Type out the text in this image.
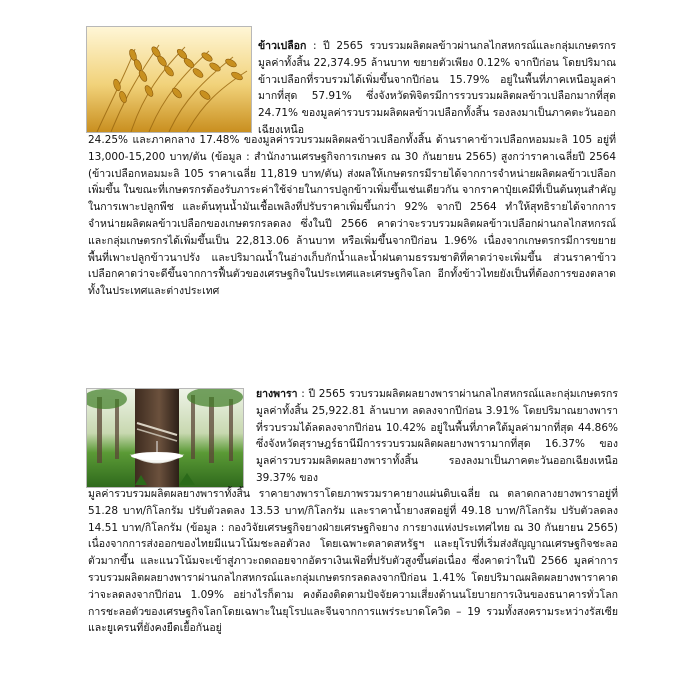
ข้าวเปลือก : ปี 2565 รวบรวมผลิตผลข้าวผ่านกลไกสหกรณ์และกลุ่มเกษตรกร มูลค่าทั้งสิ้น 22,374.95 ล้านบาท ขยายตัวเพียง 0.12% จากปีก่อน โดยปริมาณข้าวเปลือกที่รวบรวมได้เพิ่มขึ้นจากปีก่อน 15.79% อยู่ในพื้นที่ภาคเหนือมูลค่ามากที่สุด 57.91% ซึ่งจังหวัดพิจิตรมีการรวบรวมผลิตผลข้าวเปลือกมากที่สุด 24.71% ของมูลค่ารวบรวมผลิตผลข้าวเปลือกทั้งสิ้น รองลงมาเป็นภาคตะวันออกเฉียงเหนือ
24.25% และภาคกลาง 17.48% ของมูลค่ารวบรวมผลิตผลข้าวเปลือกทั้งสิ้น ด้านราคาข้าวเปลือกหอมมะลิ 105 อยู่ที่ 13,000-15,200 บาท/ตัน (ข้อมูล : สำนักงานเศรษฐกิจการเกษตร ณ 30 กันยายน 2565) สูงกว่าราคาเฉลี่ยปี 2564 (ข้าวเปลือกหอมมะลิ 105 ราคาเฉลี่ย 11,819 บาท/ตัน) ส่งผลให้เกษตรกรมีรายได้จากการจำหน่ายผลิตผลข้าวเปลือกเพิ่มขึ้น ในขณะที่เกษตรกรต้องรับภาระค่าใช้จ่ายในการปลูกข้าวเพิ่มขึ้นเช่นเดียวกัน จากราคาปุ๋ยเคมีที่เป็นต้นทุนสำคัญในการเพาะปลูกพืช และต้นทุนน้ำมันเชื้อเพลิงที่ปรับราคาเพิ่มขึ้นกว่า 92% จากปี 2564 ทำให้สุทธิรายได้จากการจำหน่ายผลิตผลข้าวเปลือกของเกษตรกรลดลง ซึ่งในปี 2566 คาดว่าจะรวบรวมผลิตผลข้าวเปลือกผ่านกลไกสหกรณ์และกลุ่มเกษตรกรได้เพิ่มขึ้นเป็น 22,813.06 ล้านบาท หรือเพิ่มขึ้นจากปีก่อน 1.96% เนื่องจากเกษตรกรมีการขยายพื้นที่เพาะปลูกข้าวนาปรัง และปริมาณน้ำในอ่างเก็บกักน้ำและน้ำฝนตามธรรมชาติที่คาดว่าจะเพิ่มขึ้น ส่วนราคาข้าวเปลือกคาดว่าจะดีขึ้นจากการฟื้นตัวของเศรษฐกิจในประเทศและเศรษฐกิจโลก อีกทั้งข้าวไทยยังเป็นที่ต้องการของตลาดทั้งในประเทศและต่างประเทศ
ยางพารา : ปี 2565 รวบรวมผลิตผลยางพาราผ่านกลไกสหกรณ์และกลุ่มเกษตรกร มูลค่าทั้งสิ้น 25,922.81 ล้านบาท ลดลงจากปีก่อน 3.91% โดยปริมาณยางพาราที่รวบรวมได้ลดลงจากปีก่อน 10.42% อยู่ในพื้นที่ภาคใต้มูลค่ามากที่สุด 44.86% ซึ่งจังหวัดสุราษฎร์ธานีมีการรวบรวมผลิตผลยางพารามากที่สุด 16.37% ของมูลค่ารวบรวมผลิตผลยางพาราทั้งสิ้น รองลงมาเป็นภาคตะวันออกเฉียงเหนือ 39.37% ของ
มูลค่ารวบรวมผลิตผลยางพาราทั้งสิ้น ราคายางพาราโดยภาพรวมราคายางแผ่นดิบเฉลี่ย ณ ตลาดกลางยางพาราอยู่ที่ 51.28 บาท/กิโลกรัม ปรับตัวลดลง 13.53 บาท/กิโลกรัม และราคาน้ำยางสดอยู่ที่ 49.18 บาท/กิโลกรัม ปรับตัวลดลง 14.51 บาท/กิโลกรัม (ข้อมูล : กองวิจัยเศรษฐกิจยางฝ่ายเศรษฐกิจยาง การยางแห่งประเทศไทย ณ 30 กันยายน 2565) เนื่องจากการส่งออกของไทยมีแนวโน้มชะลอตัวลง โดยเฉพาะตลาดสหรัฐฯ และยุโรปที่เริ่มส่งสัญญาณเศรษฐกิจชะลอตัวมากขึ้น และแนวโน้มจะเข้าสู่ภาวะถดถอยจากอัตราเงินเฟ้อที่ปรับตัวสูงขึ้นต่อเนื่อง ซึ่งคาดว่าในปี 2566 มูลค่าการรวบรวมผลิตผลยางพาราผ่านกลไกสหกรณ์และกลุ่มเกษตรกรลดลงจากปีก่อน 1.41% โดยปริมาณผลิตผลยางพาราคาดว่าจะลดลงจากปีก่อน 1.09% อย่างไรก็ตาม คงต้องติดตามปัจจัยความเสี่ยงด้านนโยบายการเงินของธนาคารทั่วโลก การชะลอตัวของเศรษฐกิจโลกโดยเฉพาะในยุโรปและจีนจากการแพร่ระบาดโควิด – 19 รวมทั้งสงครามระหว่างรัสเซียและยูเครนที่ยังคงยืดเยื้อกันอยู่
